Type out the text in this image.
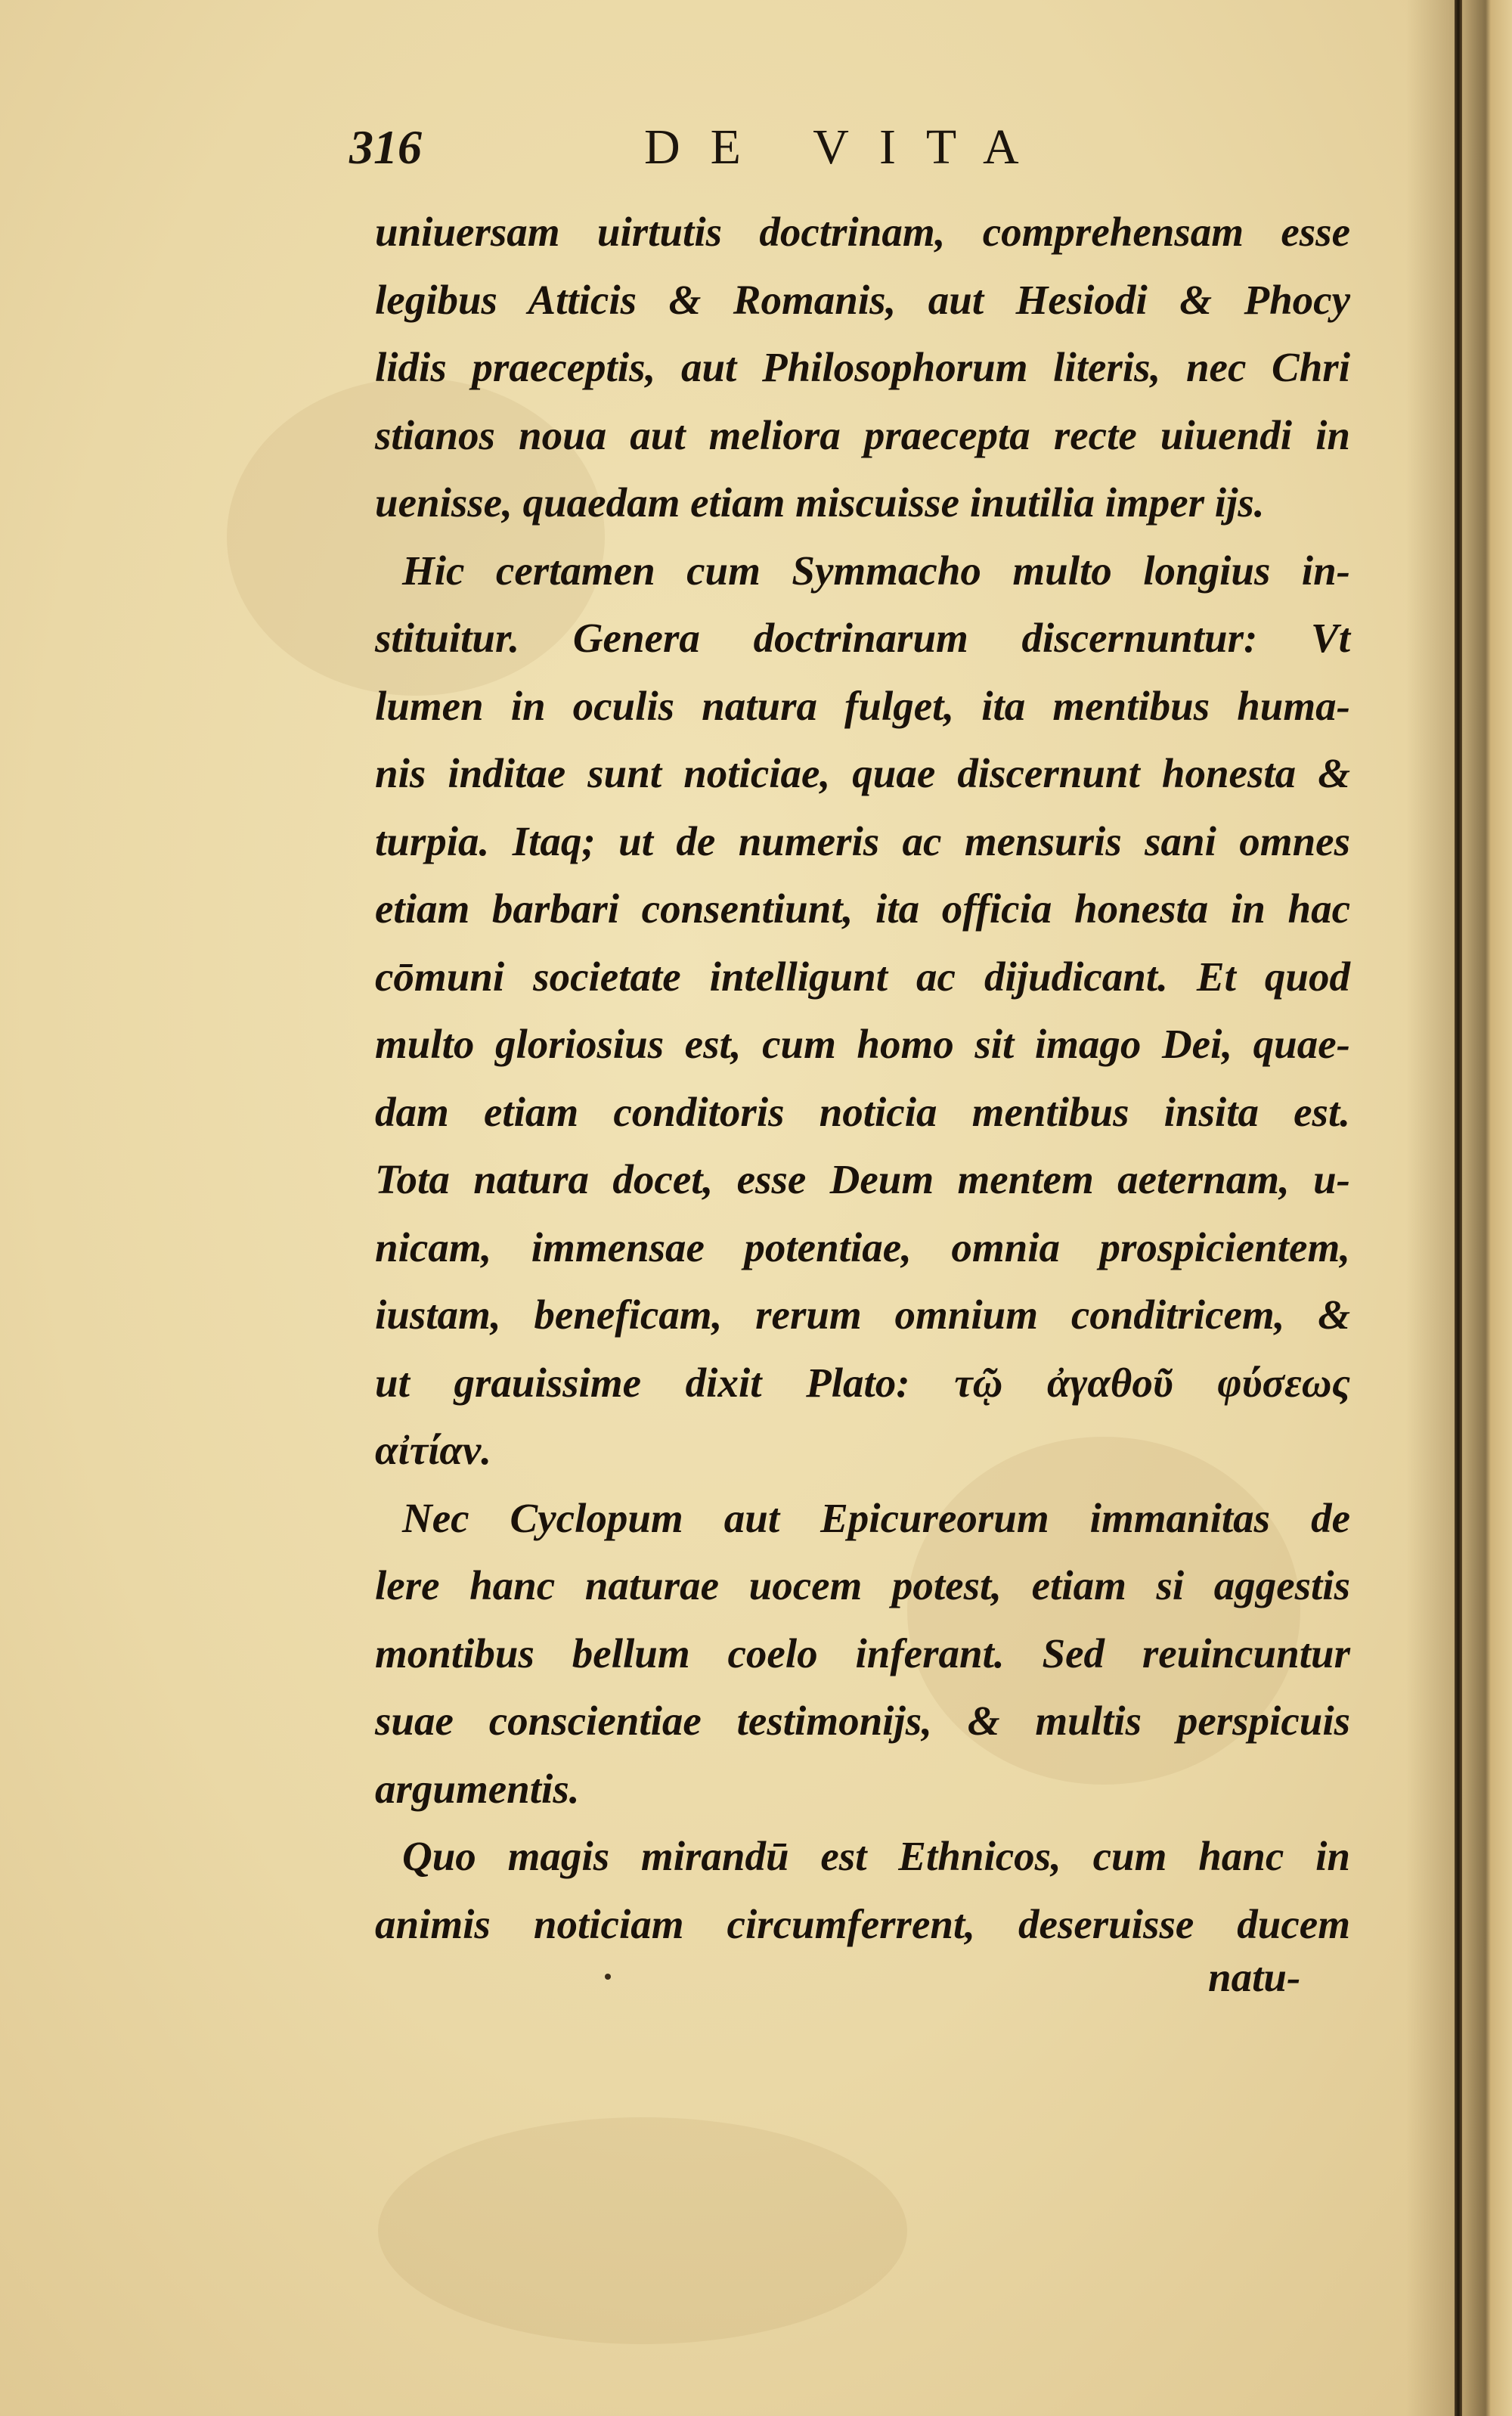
316	DE VITA
uniuersam uirtutis doctrinam, comprehensam esse
legibus Atticis & Romanis, aut Hesiodi & Phocy
lidis praeceptis, aut Philosophorum literis, nec Chri
stianos noua aut meliora praecepta recte uiuendi in
uenisse, quaedam etiam miscuisse inutilia imper ijs.
Hic certamen cum Symmacho multo longius in-
stituitur. Genera doctrinarum discernuntur: Vt
lumen in oculis natura fulget, ita mentibus huma-
nis inditae sunt noticiae, quae discernunt honesta &
turpia. Itaq; ut de numeris ac mensuris sani omnes
etiam barbari consentiunt, ita officia honesta in hac
cōmuni societate intelligunt ac dijudicant. Et quod
multo gloriosius est, cum homo sit imago Dei, quae-
dam etiam conditoris noticia mentibus insita est.
Tota natura docet, esse Deum mentem aeternam, u-
nicam, immensae potentiae, omnia prospicientem,
iustam, beneficam, rerum omnium conditricem, &
ut grauissime dixit Plato: τῷ ἀγαθοῦ φύσεως
αἰτίαν.
Nec Cyclopum aut Epicureorum immanitas de
lere hanc naturae uocem potest, etiam si aggestis
montibus bellum coelo inferant. Sed reuincuntur
suae conscientiae testimonijs, & multis perspicuis
argumentis.
Quo magis mirandū est Ethnicos, cum hanc in
animis noticiam circumferrent, deseruisse ducem
natu-
